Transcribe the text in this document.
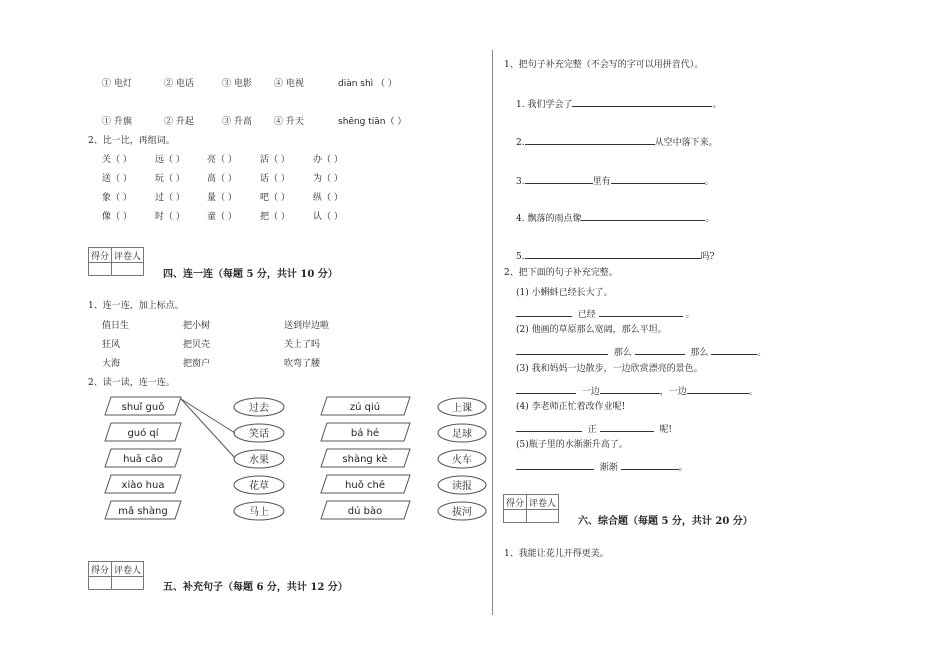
① 电灯	② 电话	③ 电影 ④ 电视	diàn shì （ ）
① 升旗	② 升起	③ 升高 ④ 升天	shēng tiān（ ）
2、比一比，再组词。
关（ ）	远（ ） 亮（ ）	活（ ）	办（ ）
送（ ）	玩（ ） 高（ ）	话（ ）	为（ ）
象（ ）	过（ ） 量（ ）	吧（ ）	纵（ ）
像（ ）	时（ ） 童（ ）	把（ ）	认（ ）
得分	评卷人

四、连一连（每题 5 分，共计 10 分）
1、连一连，加上标点。
值日生	把小树	送到岸边啦
狂风	把贝壳	关上了吗
大海	把窗户	吹弯了腰
2、读一读，连一连。
shuǐ guǒ
guó qí
huā cǎo
xiào hua
mǎ shàng
过去
笑话
水果
花草
马上
zú qiú
bá hé
shàng kè
huǒ chē
dú bào
上课
足球
火车
读报
拔河
得分	评卷人

五、补充句子（每题 6 分，共计 12 分）
1、把句子补充完整（不会写的字可以用拼音代）。
1. 我们学会了	。
2.	从空中落下来。
3.	里有	。
4. 飘落的雨点像	。
5.	吗?
2、把下面的句子补充完整。
(1) 小蝌蚪已经长大了。
已经	。
(2) 他画的草原那么宽阔，那么平坦。
那么	那么	。
(3) 我和妈妈一边散步，一边欣赏漂亮的景色。
一边	，一边	。
(4) 李老师正忙着改作业呢!
正	呢!
(5)瓶子里的水渐渐升高了。
渐渐	。
得分	评卷人

六、综合题（每题 5 分，共计 20 分）
1、我能让花儿开得更美。
